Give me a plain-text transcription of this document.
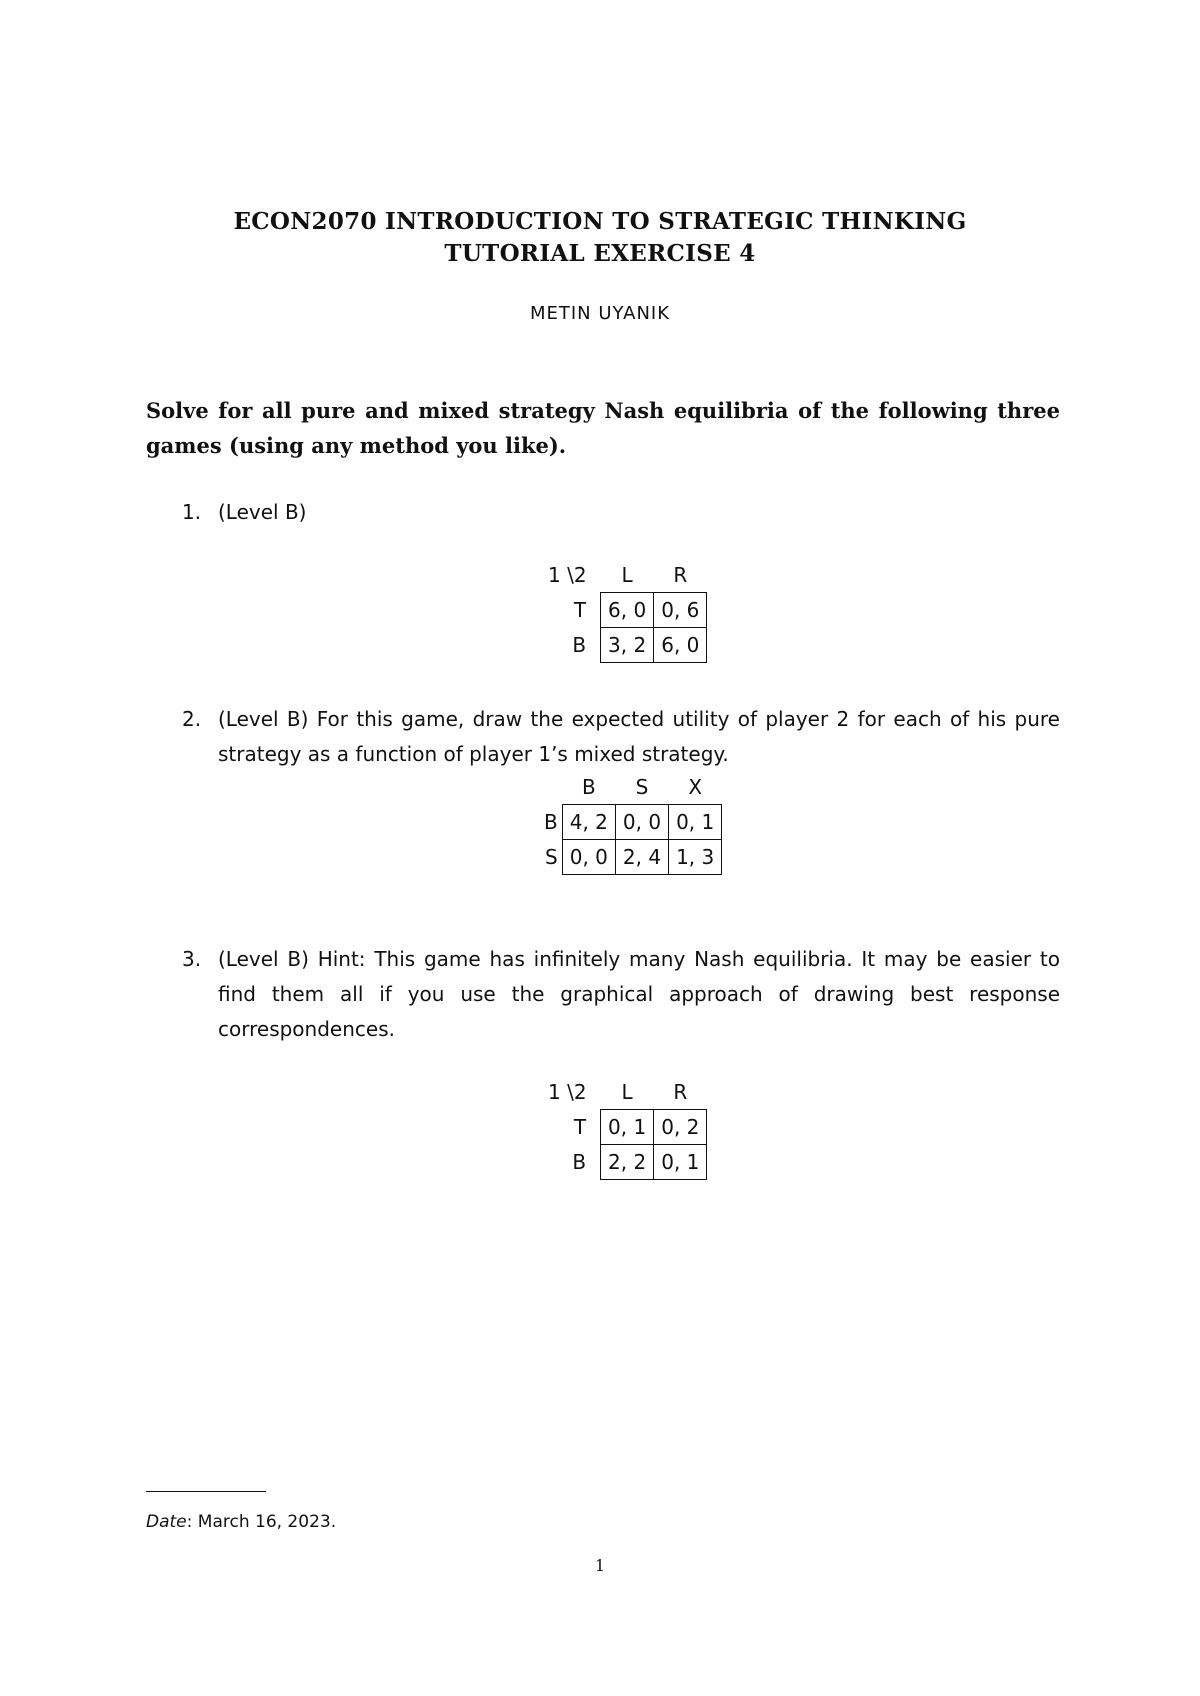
ECON2070 INTRODUCTION TO STRATEGIC THINKING
TUTORIAL EXERCISE 4
METIN UYANIK
Solve for all pure and mixed strategy Nash equilibria of the following three games (using any method you like).
1. (Level B)
1 \2	L	R
T	6, 0	0, 6
B	3, 2	6, 0
2. (Level B) For this game, draw the expected utility of player 2 for each of his pure strategy as a function of player 1’s mixed strategy.
	B	S	X
B	4, 2	0, 0	0, 1
S	0, 0	2, 4	1, 3
3. (Level B) Hint: This game has infinitely many Nash equilibria. It may be easier to find them all if you use the graphical approach of drawing best response correspondences.
1 \2	L	R
T	0, 1	0, 2
B	2, 2	0, 1
Date: March 16, 2023.
1
